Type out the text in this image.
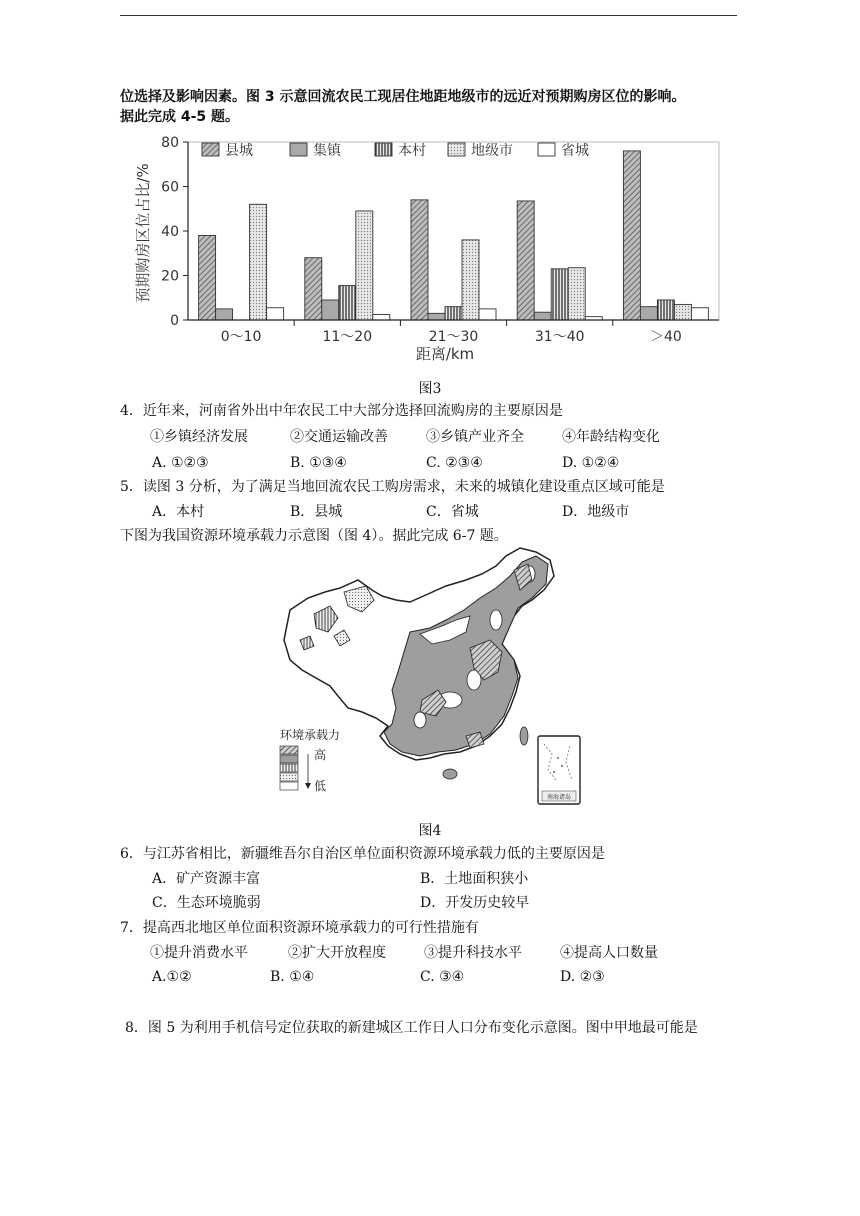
位选择及影响因素。图 3 示意回流农民工现居住地距地级市的远近对预期购房区位的影响。
据此完成 4-5 题。
0
20
40
60
80
0～10	11～20	21～30	31～40	＞40
县城	集镇	本村	地级市	省城
预期购房区位占比/%
距离/km
图3
4．近年来，河南省外出中年农民工中大部分选择回流购房的主要原因是
①乡镇经济发展	②交通运输改善	③乡镇产业齐全	④年龄结构变化
A. ①②③	B. ①③④	C. ②③④	D. ①②④
5．读图 3 分析，为了满足当地回流农民工购房需求，未来的城镇化建设重点区域可能是
A．本村	B．县城	C．省城	D．地级市
下图为我国资源环境承载力示意图（图 4）。据此完成 6-7 题。
环境承载力
高
低
南海诸岛
图4
6．与江苏省相比，新疆维吾尔自治区单位面积资源环境承载力低的主要原因是
A．矿产资源丰富	B．土地面积狭小
C．生态环境脆弱	D．开发历史较早
7．提高西北地区单位面积资源环境承载力的可行性措施有
①提升消费水平	②扩大开放程度	③提升科技水平	④提高人口数量
A.①②	B. ①④	C. ③④	D. ②③
8．图 5 为利用手机信号定位获取的新建城区工作日人口分布变化示意图。图中甲地最可能是
